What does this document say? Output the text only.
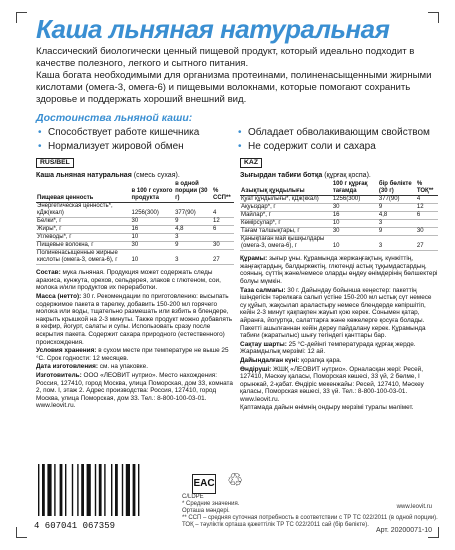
Каша льняная натуральная

Классический биологически ценный пищевой продукт, который идеально подходит в качестве полезного, легкого и сытного питания.

Каша богата необходимыми для организма протеинами, полиненасыщенными жирными кислотами (омега-3, омега-6) и пищевыми волокнами, которые помогают сохранить здоровье и поддержать хороший внешний вид.

Достоинства льняной каши:
• Способствует работе кишечника	• Обладает обволакивающим свойством
• Нормализует жировой обмен	• Не содержит соли и сахара
RUS/BEL
Каша льняная натуральная (смесь сухая).
Пищевая ценность	в 100 г сухого продукта	в одной порции (30 г)	% ССП**
Энергетическая ценность*, кДж(ккал)	1256(300)	377(90)	4
Белки*, г	30	9	12
Жиры*, г	16	4,8	6
Углеводы*, г	10	3	
Пищевые волокна, г	30	9	30
Полиненасыщенные жирные кислоты (омега-3, омега-6), г	10	3	27

Состав: мука льняная. Продукция может содержать следы арахиса, кунжута, орехов, сельдерея, злаков с глютеном, сои, молока и/или продуктов их переработки.

Масса (нетто): 30 г. Рекомендации по приготовлению: высыпать содержимое пакета в тарелку, добавить 150-200 мл горячего молока или воды, тщательно размешать или взбить в блендере, накрыть крышкой на 2-3 минуты. Также продукт можно добавлять в кефир, йогурт, салаты и супы. Использовать сразу после вскрытия пакета. Содержит сахара природного (естественного) происхождения.

Условия хранения: в сухом месте при температуре не выше 25 °С. Срок годности: 12 месяцев.

Дата изготовления: см. на упаковке.

Изготовитель: ООО «ЛЕОВИТ нутрио». Место нахождения: Россия, 127410, город Москва, улица Поморская, дом 33, комната 2, пом. I, этаж 2. Адрес производства: Россия, 127410, город Москва, улица Поморская, дом 33. Тел.: 8-800-100-03-01. www.leovit.ru.

KAZ
Зығырдан табиғи ботқа (құрғақ қоспа).
Азықтық құндылығы	100 г құрғақ тағамда	бір бөлікте (30 г)	% ТОҚ**
Қуат құндылығы*, кДж(ккал)	1256(300)	377(90)	4
Ақуыздар*, г	30	9	12
Майлар*, г	16	4,8	6
Көмірсулар*, г	10	3	
Тағам талшықтары, г	30	9	30
Қанықпаған май қышқылдары (омега-3, омега-6), г	10	3	27

Құрамы: зығыр ұны. Құрамында жержаңғақтың, күнжіттің, жаңғақтардың, балдыркөктің, глютенді астық тұқымдастардың, сояның, сүттің және/немесе оларды өңдеу өнімдерінің бөлшектері болуы мүмкін.

Таза салмағы: 30 г. Дайындау бойынша кеңестер: пакеттің ішіндегісін тәрелкаға салып үстіне 150-200 мл ыстық сүт немесе су құйып, жақсылап араластыру немесе блендерде көпіршітіп, кейін 2-3 минут қақпақпен жауып қою керек. Сонымен қатар, айранға, йогуртқа, салаттарға және көжелерге қосуға болады. Пакетті ашылғаннан кейін дереу пайдалану керек. Құрамында табиғи (жаратылыс) шығу тегіндегі қанттары бар.

Сақтау шарты: 25 °С-дейінгі температурада құрғақ жерде. Жарамдылық мерзімі: 12 ай.

Дайындалған күні: қорапқа қара.

Өндіруші: ЖШҚ «ЛЕОВИТ нутрио». Орналасқан жері: Ресей, 127410, Мәскеу қаласы, Поморская көшесі, 33 үй, 2 бөлме, I орынжай, 2-қабат. Өндіріс мекенжайы: Ресей, 127410, Мәскеу қаласы, Поморская көшесі, 33 үй. Тел.: 8-800-100-03-01. www.leovit.ru.

Қаптамада дайын өнімнің ондыру мерзімі туралы мәлімет.

4 607041 067359
EAC ♲
C/LDPE
* Средние значения.
Орташа мәндері.
** ССП – средняя суточная потребность в соответствии с ТР ТС 022/2011 (в одной порции).
ТОҚ – тәуліктік орташа қажеттілік ТР ТС 022/2011 сай (бір бөлікте).
www.leovit.ru
Арт. 20200071-10
